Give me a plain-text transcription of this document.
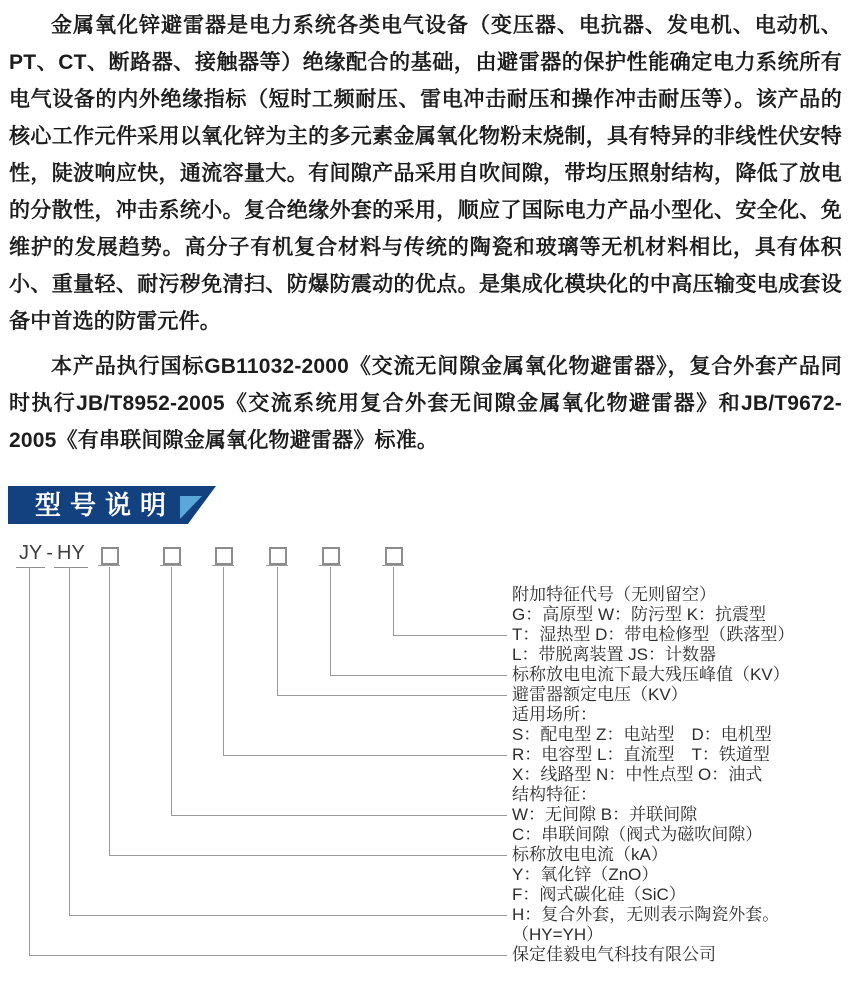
金属氧化锌避雷器是电力系统各类电气设备（变压器、电抗器、发电机、电动机、PT、CT、断路器、接触器等）绝缘配合的基础，由避雷器的保护性能确定电力系统所有电气设备的内外绝缘指标（短时工频耐压、雷电冲击耐压和操作冲击耐压等）。该产品的核心工作元件采用以氧化锌为主的多元素金属氧化物粉末烧制，具有特异的非线性伏安特性，陡波响应快，通流容量大。有间隙产品采用自吹间隙，带均压照射结构，降低了放电的分散性，冲击系统小。复合绝缘外套的采用，顺应了国际电力产品小型化、安全化、免维护的发展趋势。高分子有机复合材料与传统的陶瓷和玻璃等无机材料相比，具有体积小、重量轻、耐污秽免清扫、防爆防震动的优点。是集成化模块化的中高压输变电成套设备中首选的防雷元件。

本产品执行国标GB11032-2000《交流无间隙金属氧化物避雷器》，复合外套产品同时执行JB/T8952-2005《交流系统用复合外套无间隙金属氧化物避雷器》和JB/T9672-2005《有串联间隙金属氧化物避雷器》标准。

型号说明
JY - HY
附加特征代号（无则留空）
G：高原型 W：防污型 K：抗震型
T：湿热型 D：带电检修型（跌落型）
L：带脱离装置 JS：计数器
标称放电电流下最大残压峰值（KV）
避雷器额定电压（KV）
适用场所：
S：配电型 Z：电站型　D：电机型
R：电容型 L：直流型　T：铁道型
X：线路型 N：中性点型 O：油式
结构特征：
W：无间隙 B：并联间隙
C：串联间隙（阀式为磁吹间隙）
标称放电电流（kA）
Y：氧化锌（ZnO）
F：阀式碳化硅（SiC）
H：复合外套，无则表示陶瓷外套。
（HY=YH）
保定佳毅电气科技有限公司
